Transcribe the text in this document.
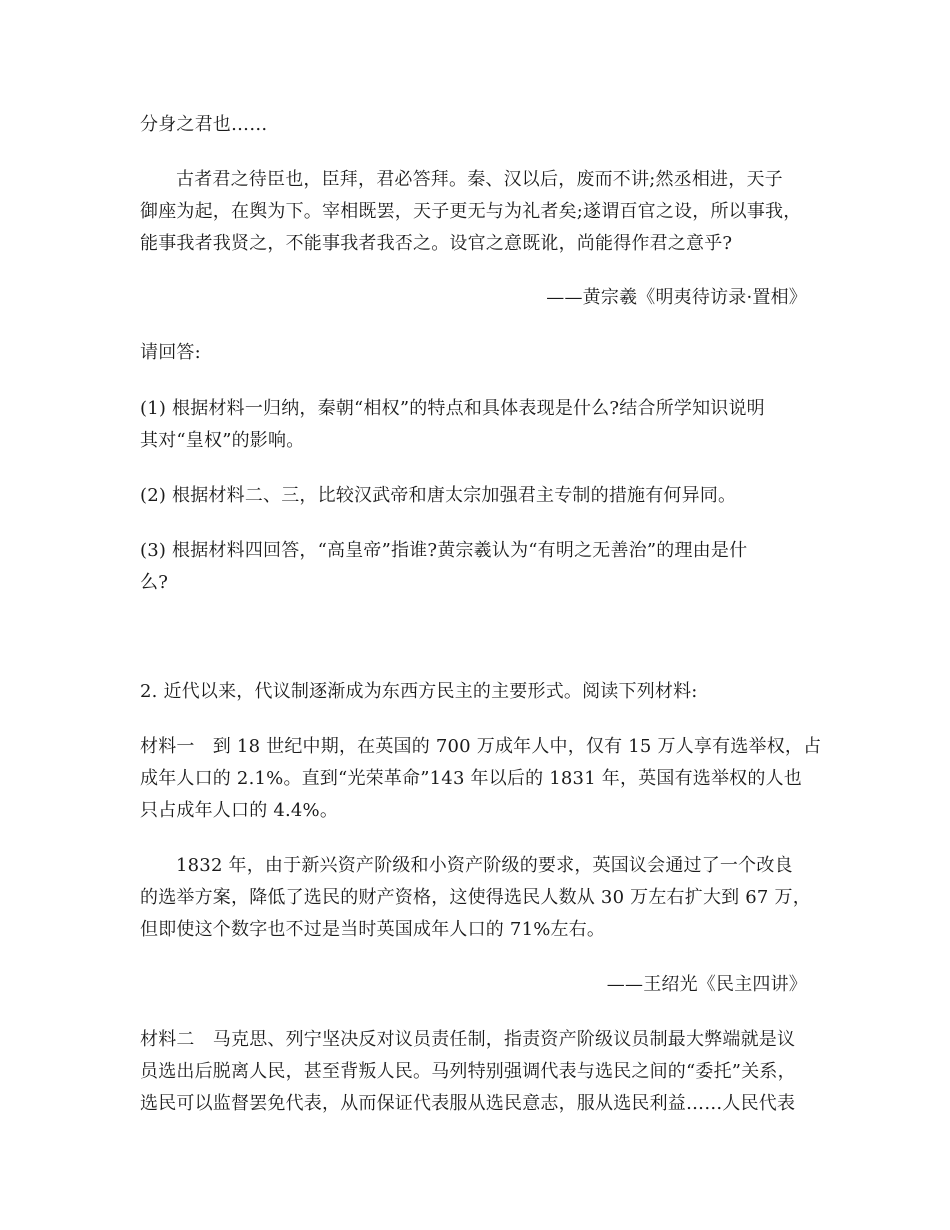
分身之君也……
古者君之待臣也，臣拜，君必答拜。秦、汉以后，废而不讲;然丞相进，天子
御座为起，在舆为下。宰相既罢，天子更无与为礼者矣;遂谓百官之设，所以事我，
能事我者我贤之，不能事我者我否之。设官之意既讹，尚能得作君之意乎?
——黄宗羲《明夷待访录·置相》
请回答:
(1) 根据材料一归纳，秦朝“相权”的特点和具体表现是什么?结合所学知识说明
其对“皇权”的影响。
(2) 根据材料二、三，比较汉武帝和唐太宗加强君主专制的措施有何异同。
(3) 根据材料四回答，“高皇帝”指谁?黄宗羲认为“有明之无善治”的理由是什
么?
2. 近代以来，代议制逐渐成为东西方民主的主要形式。阅读下列材料:
材料一　到 18 世纪中期，在英国的 700 万成年人中，仅有 15 万人享有选举权，占
成年人口的 2.1%。直到“光荣革命”143 年以后的 1831 年，英国有选举权的人也
只占成年人口的 4.4%。
1832 年，由于新兴资产阶级和小资产阶级的要求，英国议会通过了一个改良
的选举方案，降低了选民的财产资格，这使得选民人数从 30 万左右扩大到 67 万，
但即使这个数字也不过是当时英国成年人口的 71%左右。
——王绍光《民主四讲》
材料二　马克思、列宁坚决反对议员责任制，指责资产阶级议员制最大弊端就是议
员选出后脱离人民，甚至背叛人民。马列特别强调代表与选民之间的“委托”关系，
选民可以监督罢免代表，从而保证代表服从选民意志，服从选民利益……人民代表
